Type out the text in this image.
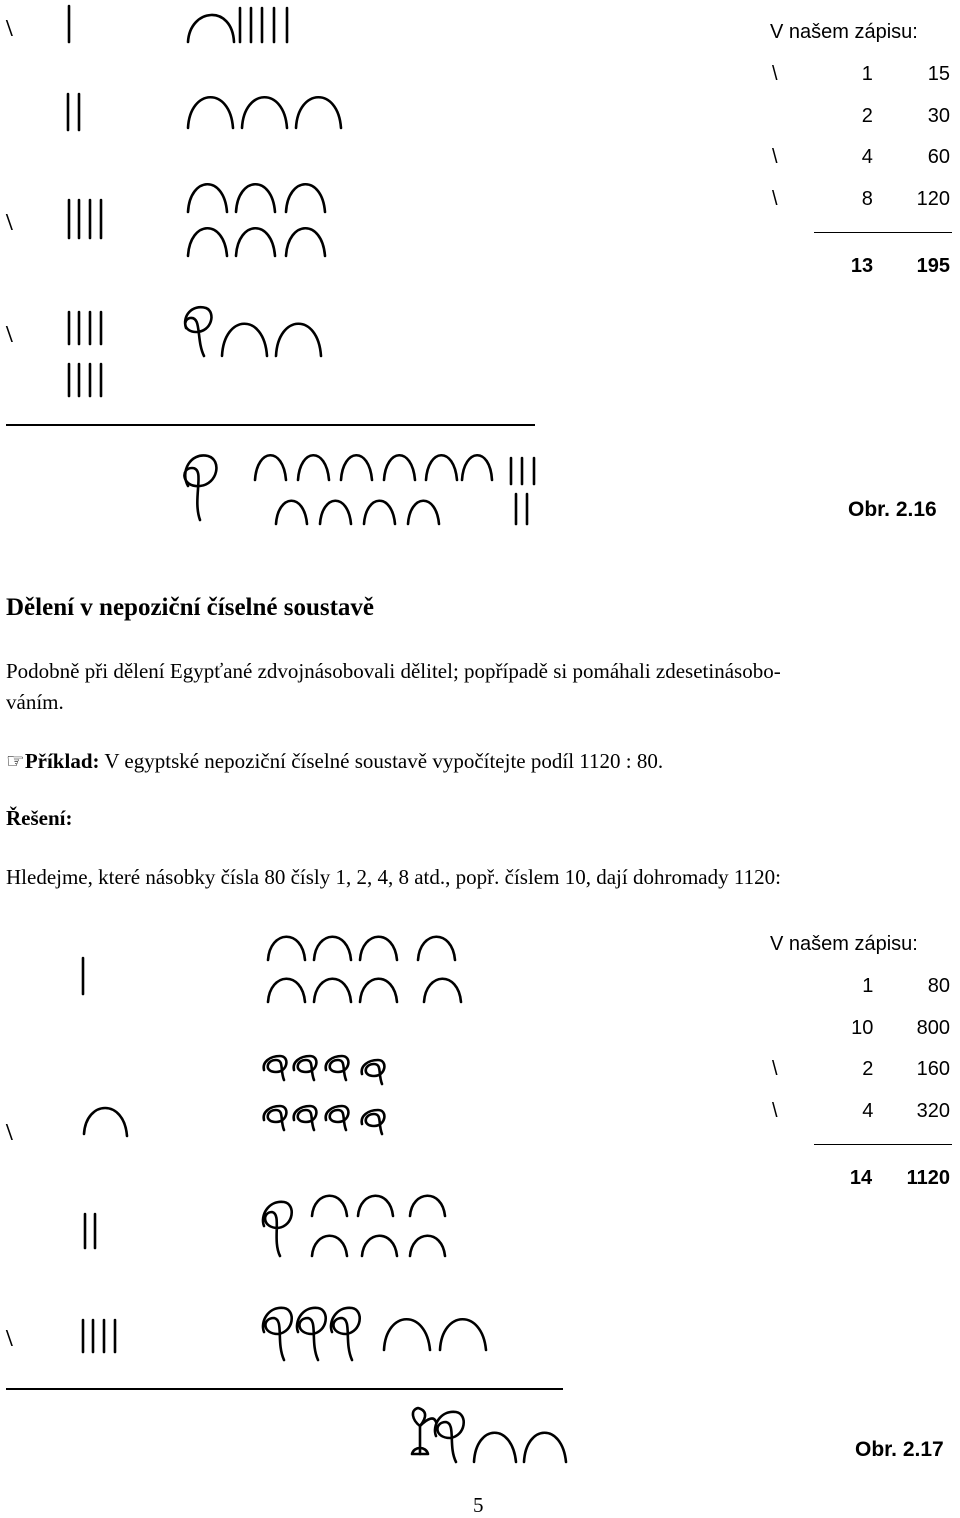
\
\
\
V našem zápisu:
\	1	15
	2	30
\	4	60
\	8	120
	13	195
Obr. 2.16
Dělení v nepoziční číselné soustavě
Podobně při dělení Egypťané zdvojnásobovali dělitel; popřípadě si pomáhali zdesetinásobo-
váním.
☞Příklad: V egyptské nepoziční číselné soustavě vypočítejte podíl 1120 : 80.
Řešení:
Hledejme, které násobky čísla 80 čísly 1, 2, 4, 8 atd., popř. číslem 10, dají dohromady 1120:
\
\
V našem zápisu:
	1	80
	10	800
\	2	160
\	4	320
	14	1120
Obr. 2.17
5
